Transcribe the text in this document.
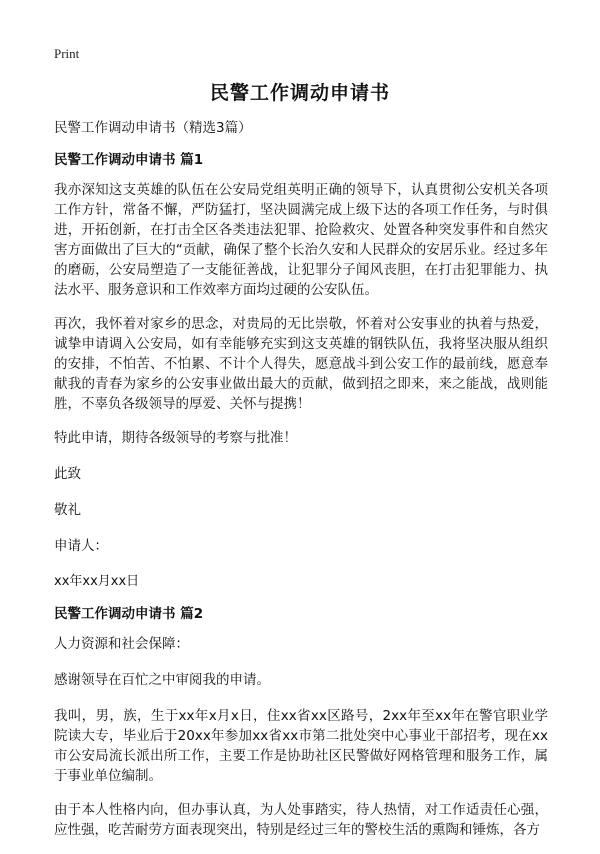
Print
民警工作调动申请书

民警工作调动申请书（精选3篇）

民警工作调动申请书 篇1

我亦深知这支英雄的队伍在公安局党组英明正确的领导下，认真贯彻公安机关各项工作方针，常备不懈，严防猛打，坚决圆满完成上级下达的各项工作任务，与时俱进，开拓创新，在打击全区各类违法犯罪、抢险救灾、处置各种突发事件和自然灾害方面做出了巨大的“贡献，确保了整个长治久安和人民群众的安居乐业。经过多年的磨砺，公安局塑造了一支能征善战，让犯罪分子闻风丧胆，在打击犯罪能力、执法水平、服务意识和工作效率方面均过硬的公安队伍。

再次，我怀着对家乡的思念，对贵局的无比崇敬，怀着对公安事业的执着与热爱，诚挚申请调入公安局，如有幸能够充实到这支英雄的钢铁队伍，我将坚决服从组织的安排，不怕苦、不怕累、不计个人得失，愿意战斗到公安工作的最前线，愿意奉献我的青春为家乡的公安事业做出最大的贡献，做到招之即来，来之能战，战则能胜，不辜负各级领导的厚爱、关怀与提携！

特此申请，期待各级领导的考察与批准！

此致

敬礼

申请人：

xx年xx月xx日

民警工作调动申请书 篇2

人力资源和社会保障：

感谢领导在百忙之中审阅我的申请。

我叫，男，族，生于xx年x月x日，住xx省xx区路号，2xx年至xx年在警官职业学院读大专，毕业后于20xx年参加xx省xx市第二批处突中心事业干部招考，现在xx市公安局流长派出所工作，主要工作是协助社区民警做好网格管理和服务工作，属于事业单位编制。

由于本人性格内向，但办事认真，为人处事踏实，待人热情，对工作适责任心强，应性强，吃苦耐劳方面表现突出，特别是经过三年的警校生活的熏陶和锤炼，各方
